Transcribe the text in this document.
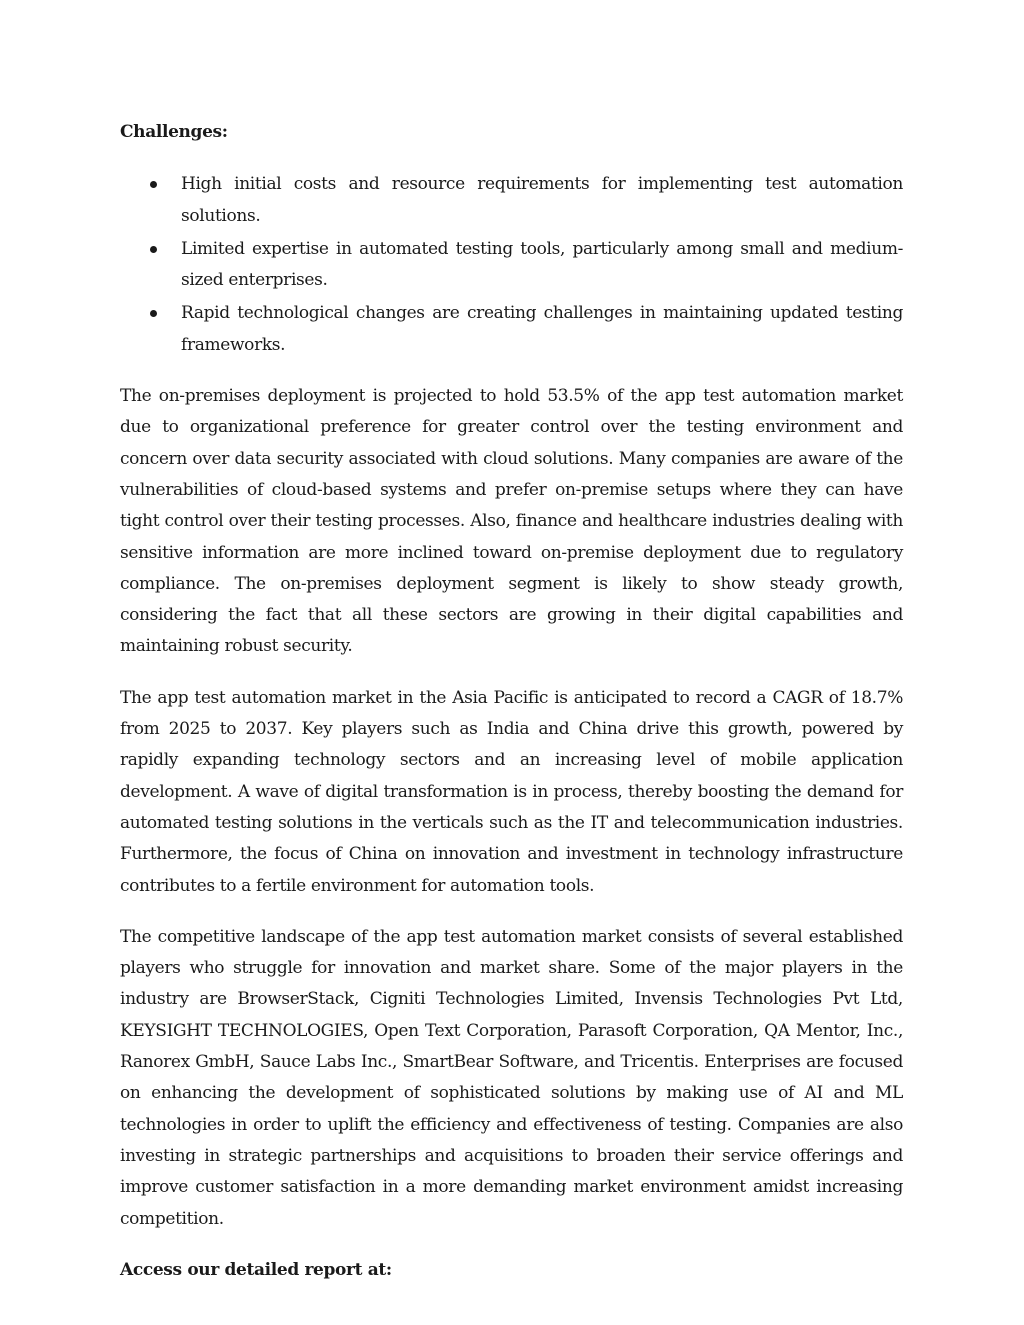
Challenges:
High initial costs and resource requirements for implementing test automation solutions.
Limited expertise in automated testing tools, particularly among small and medium-sized enterprises.
Rapid technological changes are creating challenges in maintaining updated testing frameworks.

The on-premises deployment is projected to hold 53.5% of the app test automation market due to organizational preference for greater control over the testing environment and concern over data security associated with cloud solutions. Many companies are aware of the vulnerabilities of cloud-based systems and prefer on-premise setups where they can have tight control over their testing processes. Also, finance and healthcare industries dealing with sensitive information are more inclined toward on-premise deployment due to regulatory compliance. The on-premises deployment segment is likely to show steady growth, considering the fact that all these sectors are growing in their digital capabilities and maintaining robust security.

The app test automation market in the Asia Pacific is anticipated to record a CAGR of 18.7% from 2025 to 2037. Key players such as India and China drive this growth, powered by rapidly expanding technology sectors and an increasing level of mobile application development. A wave of digital transformation is in process, thereby boosting the demand for automated testing solutions in the verticals such as the IT and telecommunication industries. Furthermore, the focus of China on innovation and investment in technology infrastructure contributes to a fertile environment for automation tools.

The competitive landscape of the app test automation market consists of several established players who struggle for innovation and market share. Some of the major players in the industry are BrowserStack, Cigniti Technologies Limited, Invensis Technologies Pvt Ltd, KEYSIGHT TECHNOLOGIES, Open Text Corporation, Parasoft Corporation, QA Mentor, Inc., Ranorex GmbH, Sauce Labs Inc., SmartBear Software, and Tricentis. Enterprises are focused on enhancing the development of sophisticated solutions by making use of AI and ML technologies in order to uplift the efficiency and effectiveness of testing. Companies are also investing in strategic partnerships and acquisitions to broaden their service offerings and improve customer satisfaction in a more demanding market environment amidst increasing competition.

Access our detailed report at:
